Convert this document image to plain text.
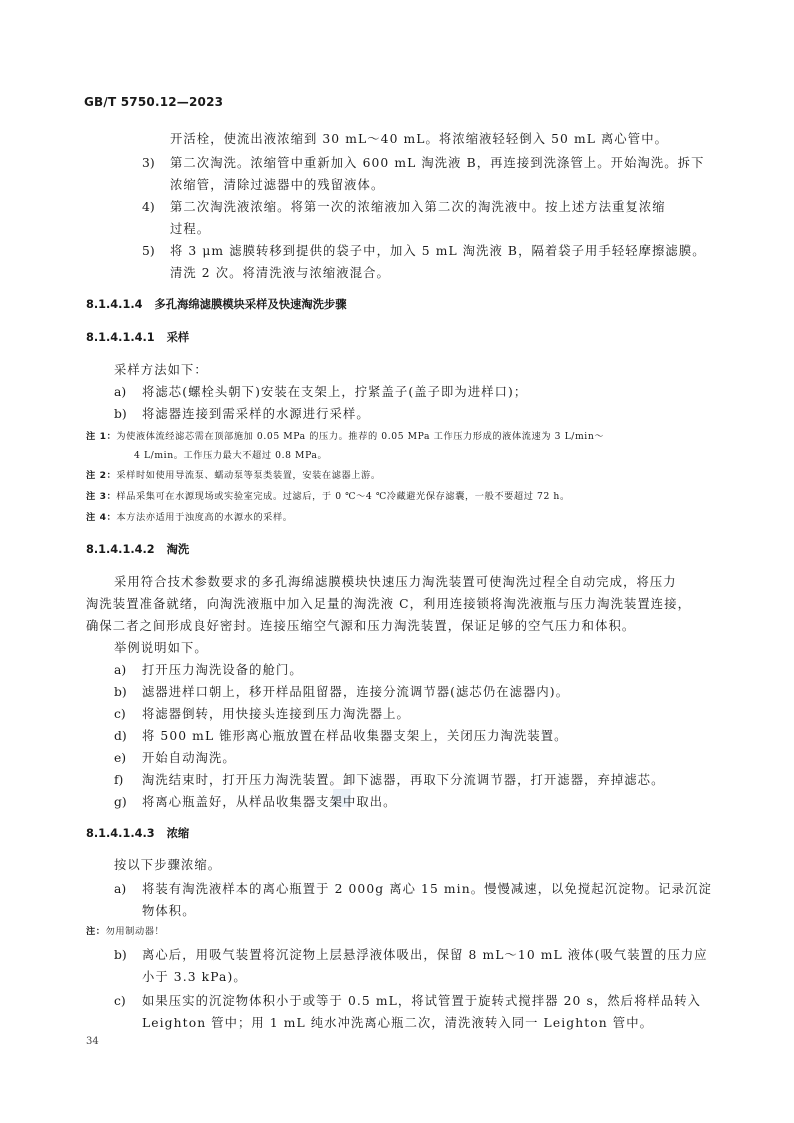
GB/T 5750.12—2023
开活栓，使流出液浓缩到 30 mL～40 mL。将浓缩液轻轻倒入 50 mL 离心管中。
3) 第二次淘洗。浓缩管中重新加入 600 mL 淘洗液 B，再连接到洗涤管上。开始淘洗。拆下
浓缩管，清除过滤器中的残留液体。
4) 第二次淘洗液浓缩。将第一次的浓缩液加入第二次的淘洗液中。按上述方法重复浓缩
过程。
5) 将 3 μm 滤膜转移到提供的袋子中，加入 5 mL 淘洗液 B，隔着袋子用手轻轻摩擦滤膜。
清洗 2 次。将清洗液与浓缩液混合。
8.1.4.1.4 多孔海绵滤膜模块采样及快速淘洗步骤
8.1.4.1.4.1 采样
采样方法如下：
a) 将滤芯(螺栓头朝下)安装在支架上，拧紧盖子(盖子即为进样口)；
b) 将滤器连接到需采样的水源进行采样。
注 1：为使液体流经滤芯需在顶部施加 0.05 MPa 的压力。推荐的 0.05 MPa 工作压力形成的液体流速为 3 L/min～
4 L/min。工作压力最大不超过 0.8 MPa。
注 2：采样时如使用导流泵、蠕动泵等泵类装置，安装在滤器上游。
注 3：样品采集可在水源现场或实验室完成。过滤后，于 0 ℃～4 ℃冷藏避光保存滤囊，一般不要超过 72 h。
注 4：本方法亦适用于浊度高的水源水的采样。
8.1.4.1.4.2 淘洗
采用符合技术参数要求的多孔海绵滤膜模块快速压力淘洗装置可使淘洗过程全自动完成，将压力
淘洗装置准备就绪，向淘洗液瓶中加入足量的淘洗液 C，利用连接锁将淘洗液瓶与压力淘洗装置连接，
确保二者之间形成良好密封。连接压缩空气源和压力淘洗装置，保证足够的空气压力和体积。
举例说明如下。
a) 打开压力淘洗设备的舱门。
b) 滤器进样口朝上，移开样品阻留器，连接分流调节器(滤芯仍在滤器内)。
c) 将滤器倒转，用快接头连接到压力淘洗器上。
d) 将 500 mL 锥形离心瓶放置在样品收集器支架上，关闭压力淘洗装置。
e) 开始自动淘洗。
f) 淘洗结束时，打开压力淘洗装置。卸下滤器，再取下分流调节器，打开滤器，弃掉滤芯。
g) 将离心瓶盖好，从样品收集器支架中取出。
8.1.4.1.4.3 浓缩
按以下步骤浓缩。
a) 将装有淘洗液样本的离心瓶置于 2 000g 离心 15 min。慢慢减速，以免搅起沉淀物。记录沉淀
物体积。
注：勿用制动器！
b) 离心后，用吸气装置将沉淀物上层悬浮液体吸出，保留 8 mL～10 mL 液体(吸气装置的压力应
小于 3.3 kPa)。
c) 如果压实的沉淀物体积小于或等于 0.5 mL，将试管置于旋转式搅拌器 20 s，然后将样品转入
Leighton 管中；用 1 mL 纯水冲洗离心瓶二次，清洗液转入同一 Leighton 管中。
34
